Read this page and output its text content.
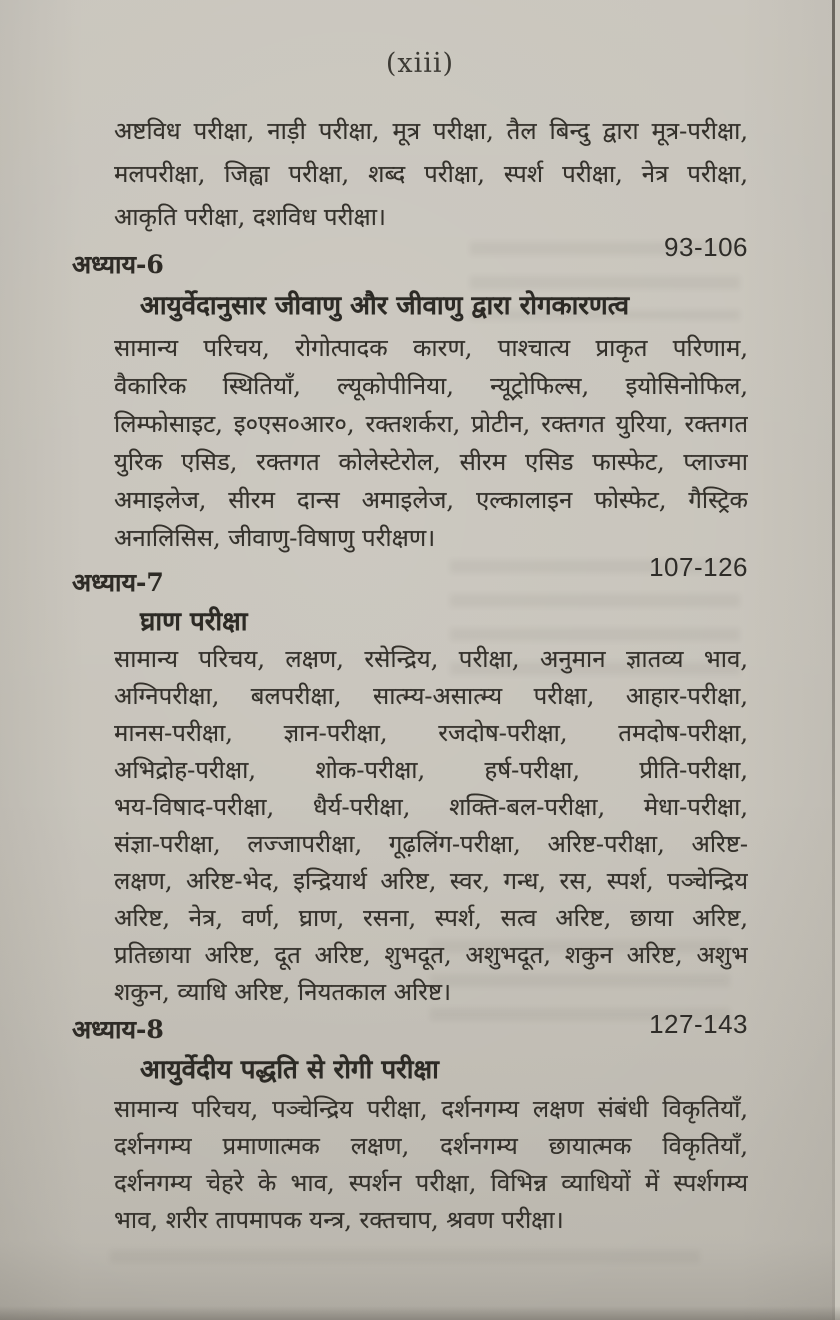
(xiii)
अष्टविध परीक्षा, नाड़ी परीक्षा, मूत्र परीक्षा, तैल बिन्दु द्वारा मूत्र-परीक्षा,
मलपरीक्षा, जिह्वा परीक्षा, शब्द परीक्षा, स्पर्श परीक्षा, नेत्र परीक्षा,
आकृति परीक्षा, दशविध परीक्षा।
अध्याय-6
93-106
आयुर्वेदानुसार जीवाणु और जीवाणु द्वारा रोगकारणत्व
सामान्य परिचय, रोगोत्पादक कारण, पाश्चात्य प्राकृत परिणाम,
वैकारिक स्थितियाँ, ल्यूकोपीनिया, न्यूट्रोफिल्स, इयोसिनोफिल,
लिम्फोसाइट, इ०एस०आर०, रक्तशर्करा, प्रोटीन, रक्तगत युरिया, रक्तगत
युरिक एसिड, रक्तगत कोलेस्टेरोल, सीरम एसिड फास्फेट, प्लाज्मा
अमाइलेज, सीरम दान्स अमाइलेज, एल्कालाइन फोस्फेट, गैस्ट्रिक
अनालिसिस, जीवाणु-विषाणु परीक्षण।
अध्याय-7
107-126
घ्राण परीक्षा
सामान्य परिचय, लक्षण, रसेन्द्रिय, परीक्षा, अनुमान ज्ञातव्य भाव,
अग्निपरीक्षा, बलपरीक्षा, सात्म्य-असात्म्य परीक्षा, आहार-परीक्षा,
मानस-परीक्षा, ज्ञान-परीक्षा, रजदोष-परीक्षा, तमदोष-परीक्षा,
अभिद्रोह-परीक्षा, शोक-परीक्षा, हर्ष-परीक्षा, प्रीति-परीक्षा,
भय-विषाद-परीक्षा, धैर्य-परीक्षा, शक्ति-बल-परीक्षा, मेधा-परीक्षा,
संज्ञा-परीक्षा, लज्जापरीक्षा, गूढ़लिंग-परीक्षा, अरिष्ट-परीक्षा, अरिष्ट-
लक्षण, अरिष्ट-भेद, इन्द्रियार्थ अरिष्ट, स्वर, गन्ध, रस, स्पर्श, पञ्चेन्द्रिय
अरिष्ट, नेत्र, वर्ण, घ्राण, रसना, स्पर्श, सत्व अरिष्ट, छाया अरिष्ट,
प्रतिछाया अरिष्ट, दूत अरिष्ट, शुभदूत, अशुभदूत, शकुन अरिष्ट, अशुभ
शकुन, व्याधि अरिष्ट, नियतकाल अरिष्ट।
अध्याय-8	127-143
आयुर्वेदीय पद्धति से रोगी परीक्षा
सामान्य परिचय, पञ्चेन्द्रिय परीक्षा, दर्शनगम्य लक्षण संबंधी विकृतियाँ,
दर्शनगम्य प्रमाणात्मक लक्षण, दर्शनगम्य छायात्मक विकृतियाँ,
दर्शनगम्य चेहरे के भाव, स्पर्शन परीक्षा, विभिन्न व्याधियों में स्पर्शगम्य
भाव, शरीर तापमापक यन्त्र, रक्तचाप, श्रवण परीक्षा।
